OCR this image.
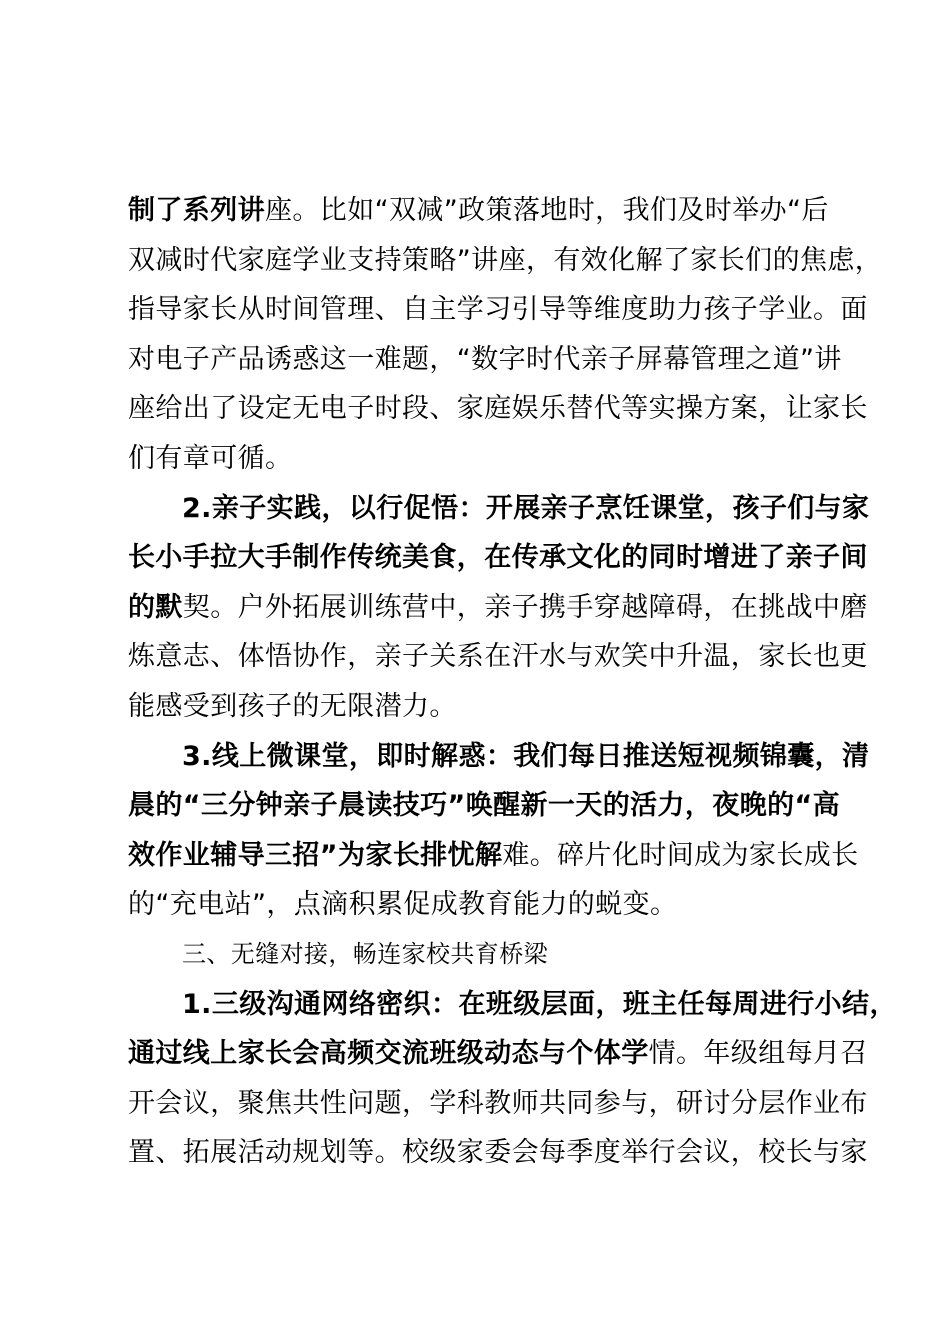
制了系列讲座。比如“双减”政策落地时，我们及时举办“后
双减时代家庭学业支持策略”讲座，有效化解了家长们的焦虑，
指导家长从时间管理、自主学习引导等维度助力孩子学业。面
对电子产品诱惑这一难题，“数字时代亲子屏幕管理之道”讲
座给出了设定无电子时段、家庭娱乐替代等实操方案，让家长
们有章可循。
2.亲子实践，以行促悟：开展亲子烹饪课堂，孩子们与家
长小手拉大手制作传统美食，在传承文化的同时增进了亲子间
的默契。户外拓展训练营中，亲子携手穿越障碍，在挑战中磨
炼意志、体悟协作，亲子关系在汗水与欢笑中升温，家长也更
能感受到孩子的无限潜力。
3.线上微课堂，即时解惑：我们每日推送短视频锦囊，清
晨的“三分钟亲子晨读技巧”唤醒新一天的活力，夜晚的“高
效作业辅导三招”为家长排忧解难。碎片化时间成为家长成长
的“充电站”，点滴积累促成教育能力的蜕变。
三、无缝对接，畅连家校共育桥梁
1.三级沟通网络密织：在班级层面，班主任每周进行小结，
通过线上家长会高频交流班级动态与个体学情。年级组每月召
开会议，聚焦共性问题，学科教师共同参与，研讨分层作业布
置、拓展活动规划等。校级家委会每季度举行会议，校长与家
